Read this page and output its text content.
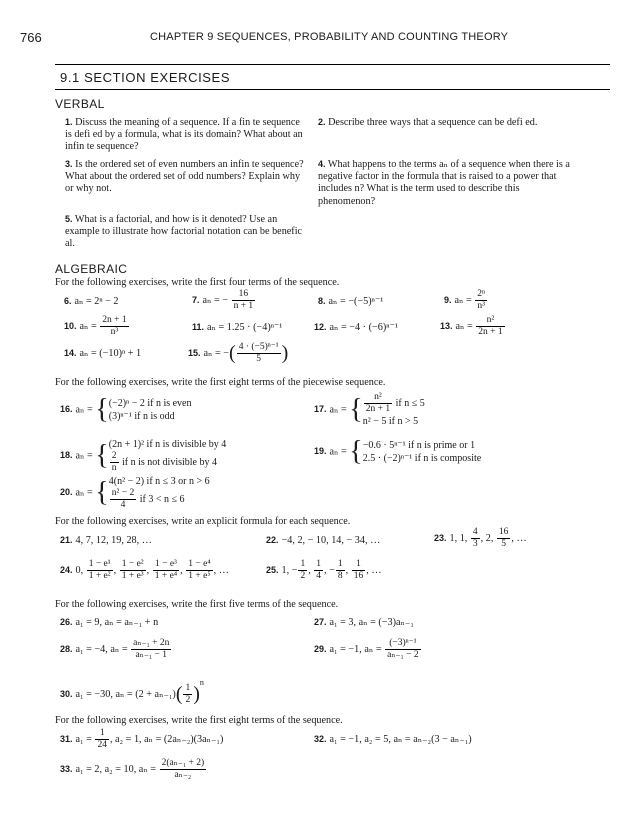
766	CHAPTER 9 SEQUENCES, PROBABILITY AND COUNTING THEORY
9.1 SECTION EXERCISES
VERBAL
1. Discuss the meaning of a sequence. If a fin te sequence is defi ed by a formula, what is its domain? What about an infin te sequence?
2. Describe three ways that a sequence can be defi ed.
3. Is the ordered set of even numbers an infin te sequence? What about the ordered set of odd numbers? Explain why or why not.
4. What happens to the terms aₙ of a sequence when there is a negative factor in the formula that is raised to a power that includes n? What is the term used to describe this phenomenon?
5. What is a factorial, and how is it denoted? Use an example to illustrate how factorial notation can be benefic al.
ALGEBRAIC
For the following exercises, write the first four terms of the sequence.
6. aₙ = 2ⁿ − 2	7. aₙ = − $\frac{16}{n + 1}$	8. aₙ = −(−5)ⁿ⁻¹	9. $a_n = \frac{\text{2ⁿ}}{\text{n³}}$
10. $a_n = \frac{2n + 1}{\text{n³}}$	11. aₙ = 1.25 · (−4)ⁿ⁻¹	12. aₙ = −4 · (−6)ⁿ⁻¹	13. $a_n = \frac{\text{n²}}{2n + 1}$
14. aₙ = (−10)ⁿ + 1	15. aₙ = −( $\frac{\text{4 · (−5)ⁿ⁻¹}}{5}$ )
For the following exercises, write the first eight terms of the piecewise sequence.
16. aₙ = { (−2)ⁿ − 2 if n is even
(3)ⁿ⁻¹ if n is odd
17. aₙ = { $\frac{\text{n²}}{2n + 1}$ if n ≤ 5
n² − 5 if n > 5
18. aₙ = { (2n + 1)² if n is divisible by 4
$\frac{2}{n}$ if n is not divisible by 4
19. aₙ = { −0.6 · 5ⁿ⁻¹ if n is prime or 1
2.5 · (−2)ⁿ⁻¹ if n is composite
20. aₙ = { 4(n² − 2) if n ≤ 3 or n > 6
$\frac{\text{n² − 2}}{4}$ if 3 < n ≤ 6
For the following exercises, write an explicit formula for each sequence.
21. 4, 7, 12, 19, 28, …	22. −4, 2, − 10, 14, − 34, …	23. 1, 1, $\frac{4}{3}$ , 2, $\frac{16}{5}$ , …
24. 0, $\frac{\text{1 − e¹}}{\text{1 + e²}}$ , $\frac{\text{1 − e²}}{\text{1 + e³}}$ , $\frac{\text{1 − e³}}{\text{1 + e⁴}}$ , $\frac{\text{1 − e⁴}}{\text{1 + e⁵}}$ , …	25. 1, − $\frac{1}{2}$ , $\frac{1}{4}$ , − $\frac{1}{8}$ , $\frac{1}{16}$ , …
For the following exercises, write the first five terms of the sequence.
26. a₁ = 9, aₙ = aₙ₋₁ + n	27. a₁ = 3, aₙ = (−3)aₙ₋₁
28. a₁ = −4, $a_n = \frac{\text{aₙ₋₁ + 2n}}{\text{aₙ₋₁ − 1}}$	29. a₁ = −1, $a_n = \frac{\text{(−3)ⁿ⁻¹}}{\text{aₙ₋₁ − 2}}$
30. a₁ = −30, $a_n = (2 + a_{n-1})( \frac{1}{2} )^n$
For the following exercises, write the first eight terms of the sequence.
31. $a_1 = \frac{1}{24}$ , a₂ = 1, aₙ = (2aₙ₋₂)(3aₙ₋₁)	32. a₁ = −1, a₂ = 5, aₙ = aₙ₋₂(3 − aₙ₋₁)
33. a₁ = 2, a₂ = 10, $a_n = \frac{\text{2(aₙ₋₁ + 2)}}{\text{aₙ₋₂}}$
